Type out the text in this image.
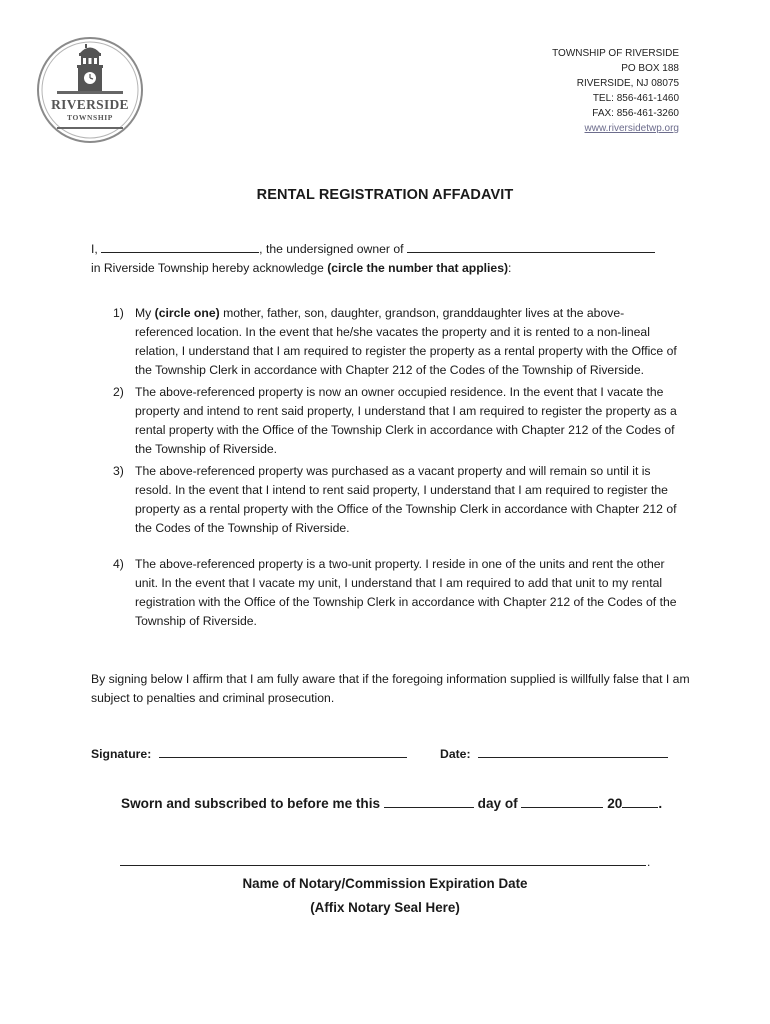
RIVERSIDE
TOWNSHIP
TOWNSHIP OF RIVERSIDE
PO BOX 188
RIVERSIDE, NJ 08075
TEL: 856-461-1460
FAX: 856-461-3260
www.riversidetwp.org
RENTAL REGISTRATION AFFADAVIT
I,	, the undersigned owner of
in Riverside Township hereby acknowledge (circle the number that applies):
1) My (circle one) mother, father, son, daughter, grandson, granddaughter lives at the above-referenced location. In the event that he/she vacates the property and it is rented to a non-lineal relation, I understand that I am required to register the property as a rental property with the Office of the Township Clerk in accordance with Chapter 212 of the Codes of the Township of Riverside.
2) The above-referenced property is now an owner occupied residence. In the event that I vacate the property and intend to rent said property, I understand that I am required to register the property as a rental property with the Office of the Township Clerk in accordance with Chapter 212 of the Codes of the Township of Riverside.
3) The above-referenced property was purchased as a vacant property and will remain so until it is resold. In the event that I intend to rent said property, I understand that I am required to register the property as a rental property with the Office of the Township Clerk in accordance with Chapter 212 of the Codes of the Township of Riverside.
4) The above-referenced property is a two-unit property. I reside in one of the units and rent the other unit. In the event that I vacate my unit, I understand that I am required to add that unit to my rental registration with the Office of the Township Clerk in accordance with Chapter 212 of the Codes of the Township of Riverside.
By signing below I affirm that I am fully aware that if the foregoing information supplied is willfully false that I am subject to penalties and criminal prosecution.
Signature:	Date:
Sworn and subscribed to before me this	day of	20	.
.
Name of Notary/Commission Expiration Date
(Affix Notary Seal Here)
